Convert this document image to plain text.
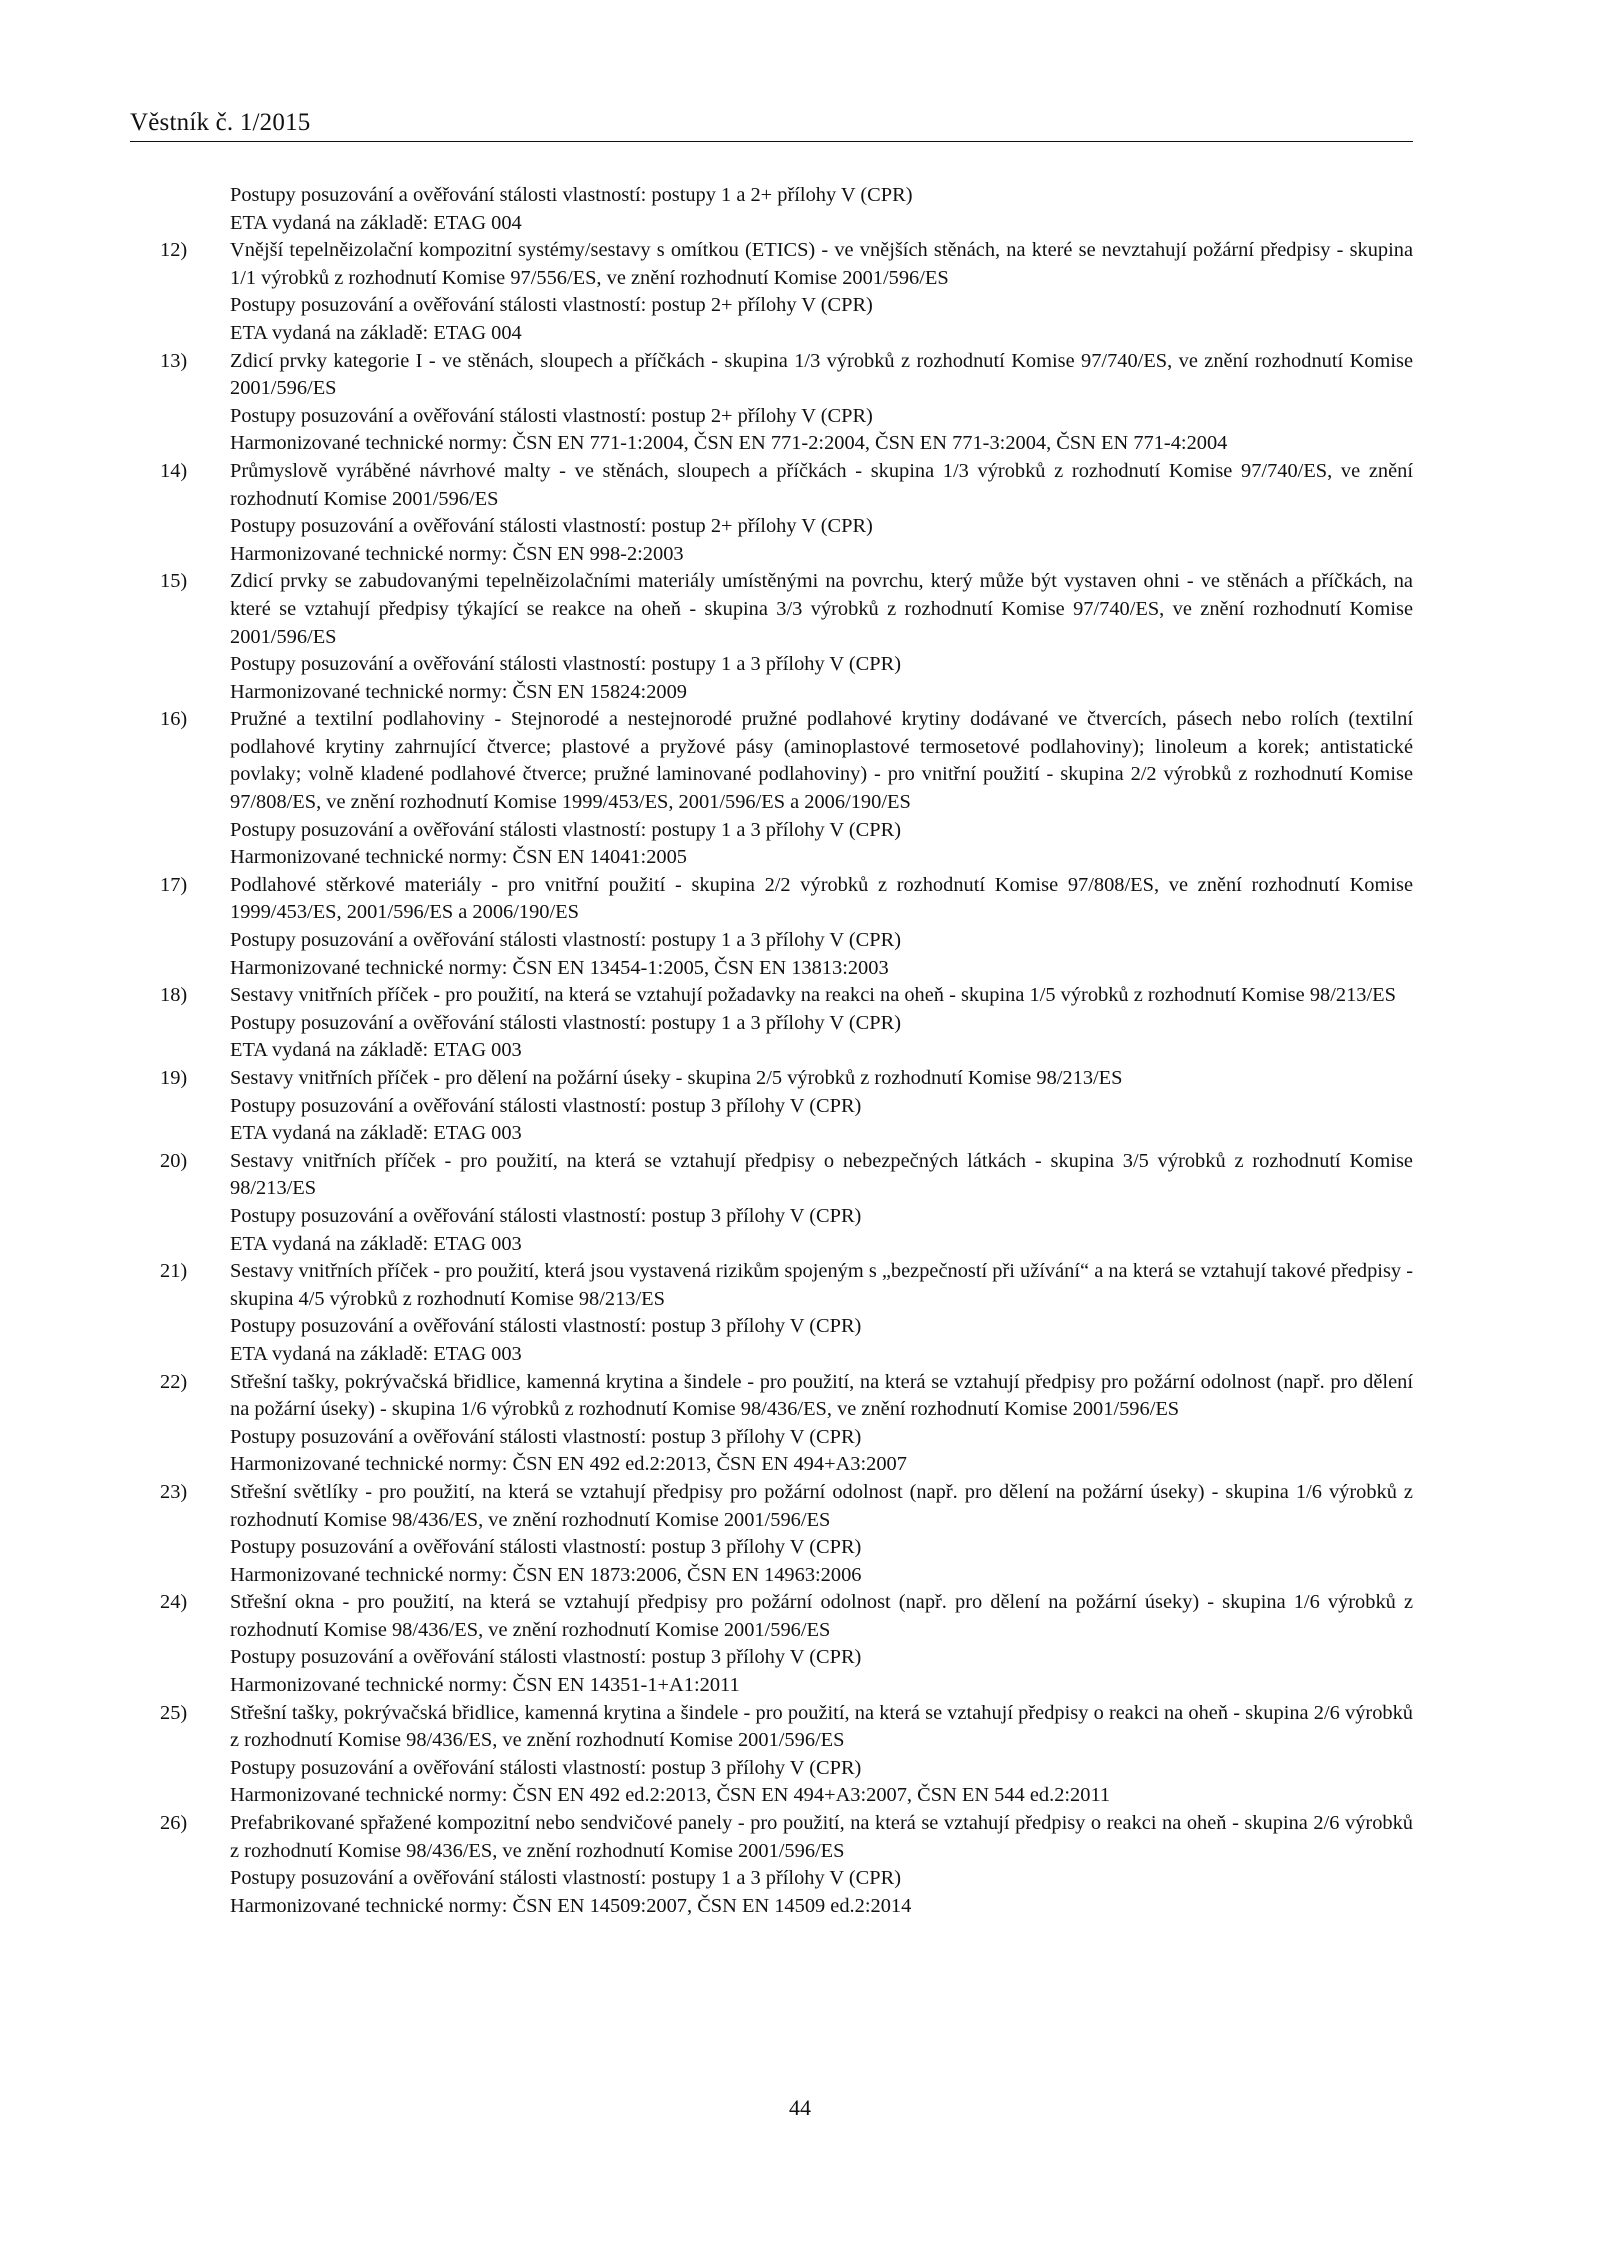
Věstník č. 1/2015
Postupy posuzování a ověřování stálosti vlastností: postupy 1 a 2+ přílohy V (CPR)
ETA vydaná na základě: ETAG 004
12)	Vnější tepelněizolační kompozitní systémy/sestavy s omítkou (ETICS) - ve vnějších stěnách, na které se nevztahují požární předpisy - skupina 1/1 výrobků z rozhodnutí Komise 97/556/ES, ve znění rozhodnutí Komise 2001/596/ES
Postupy posuzování a ověřování stálosti vlastností: postup 2+ přílohy V (CPR)
ETA vydaná na základě: ETAG 004
13)	Zdicí prvky kategorie I - ve stěnách, sloupech a příčkách - skupina 1/3 výrobků z rozhodnutí Komise 97/740/ES, ve znění rozhodnutí Komise 2001/596/ES
Postupy posuzování a ověřování stálosti vlastností: postup 2+ přílohy V (CPR)
Harmonizované technické normy: ČSN EN 771-1:2004, ČSN EN 771-2:2004, ČSN EN 771-3:2004, ČSN EN 771-4:2004
14)	Průmyslově vyráběné návrhové malty - ve stěnách, sloupech a příčkách - skupina 1/3 výrobků z rozhodnutí Komise 97/740/ES, ve znění rozhodnutí Komise 2001/596/ES
Postupy posuzování a ověřování stálosti vlastností: postup 2+ přílohy V (CPR)
Harmonizované technické normy: ČSN EN 998-2:2003
15)	Zdicí prvky se zabudovanými tepelněizolačními materiály umístěnými na povrchu, který může být vystaven ohni - ve stěnách a příčkách, na které se vztahují předpisy týkající se reakce na oheň - skupina 3/3 výrobků z rozhodnutí Komise 97/740/ES, ve znění rozhodnutí Komise 2001/596/ES
Postupy posuzování a ověřování stálosti vlastností: postupy 1 a 3 přílohy V (CPR)
Harmonizované technické normy: ČSN EN 15824:2009
16)	Pružné a textilní podlahoviny - Stejnorodé a nestejnorodé pružné podlahové krytiny dodávané ve čtvercích, pásech nebo rolích (textilní podlahové krytiny zahrnující čtverce; plastové a pryžové pásy (aminoplastové termosetové podlahoviny); linoleum a korek; antistatické povlaky; volně kladené podlahové čtverce; pružné laminované podlahoviny) - pro vnitřní použití - skupina 2/2 výrobků z rozhodnutí Komise 97/808/ES, ve znění rozhodnutí Komise 1999/453/ES, 2001/596/ES a 2006/190/ES
Postupy posuzování a ověřování stálosti vlastností: postupy 1 a 3 přílohy V (CPR)
Harmonizované technické normy: ČSN EN 14041:2005
17)	Podlahové stěrkové materiály - pro vnitřní použití - skupina 2/2 výrobků z rozhodnutí Komise 97/808/ES, ve znění rozhodnutí Komise 1999/453/ES, 2001/596/ES a 2006/190/ES
Postupy posuzování a ověřování stálosti vlastností: postupy 1 a 3 přílohy V (CPR)
Harmonizované technické normy: ČSN EN 13454-1:2005, ČSN EN 13813:2003
18)	Sestavy vnitřních příček - pro použití, na která se vztahují požadavky na reakci na oheň - skupina 1/5 výrobků z rozhodnutí Komise 98/213/ES
Postupy posuzování a ověřování stálosti vlastností: postupy 1 a 3 přílohy V (CPR)
ETA vydaná na základě: ETAG 003
19)	Sestavy vnitřních příček - pro dělení na požární úseky - skupina 2/5 výrobků z rozhodnutí Komise 98/213/ES
Postupy posuzování a ověřování stálosti vlastností: postup 3 přílohy V (CPR)
ETA vydaná na základě: ETAG 003
20)	Sestavy vnitřních příček - pro použití, na která se vztahují předpisy o nebezpečných látkách - skupina 3/5 výrobků z rozhodnutí Komise 98/213/ES
Postupy posuzování a ověřování stálosti vlastností: postup 3 přílohy V (CPR)
ETA vydaná na základě: ETAG 003
21)	Sestavy vnitřních příček - pro použití, která jsou vystavená rizikům spojeným s „bezpečností při užívání“ a na která se vztahují takové předpisy - skupina 4/5 výrobků z rozhodnutí Komise 98/213/ES
Postupy posuzování a ověřování stálosti vlastností: postup 3 přílohy V (CPR)
ETA vydaná na základě: ETAG 003
22)	Střešní tašky, pokrývačská břidlice, kamenná krytina a šindele - pro použití, na která se vztahují předpisy pro požární odolnost (např. pro dělení na požární úseky) - skupina 1/6 výrobků z rozhodnutí Komise 98/436/ES, ve znění rozhodnutí Komise 2001/596/ES
Postupy posuzování a ověřování stálosti vlastností: postup 3 přílohy V (CPR)
Harmonizované technické normy: ČSN EN 492 ed.2:2013, ČSN EN 494+A3:2007
23)	Střešní světlíky - pro použití, na která se vztahují předpisy pro požární odolnost (např. pro dělení na požární úseky) - skupina 1/6 výrobků z rozhodnutí Komise 98/436/ES, ve znění rozhodnutí Komise 2001/596/ES
Postupy posuzování a ověřování stálosti vlastností: postup 3 přílohy V (CPR)
Harmonizované technické normy: ČSN EN 1873:2006, ČSN EN 14963:2006
24)	Střešní okna - pro použití, na která se vztahují předpisy pro požární odolnost (např. pro dělení na požární úseky) - skupina 1/6 výrobků z rozhodnutí Komise 98/436/ES, ve znění rozhodnutí Komise 2001/596/ES
Postupy posuzování a ověřování stálosti vlastností: postup 3 přílohy V (CPR)
Harmonizované technické normy: ČSN EN 14351-1+A1:2011
25)	Střešní tašky, pokrývačská břidlice, kamenná krytina a šindele - pro použití, na která se vztahují předpisy o reakci na oheň - skupina 2/6 výrobků z rozhodnutí Komise 98/436/ES, ve znění rozhodnutí Komise 2001/596/ES
Postupy posuzování a ověřování stálosti vlastností: postup 3 přílohy V (CPR)
Harmonizované technické normy: ČSN EN 492 ed.2:2013, ČSN EN 494+A3:2007, ČSN EN 544 ed.2:2011
26)	Prefabrikované spřažené kompozitní nebo sendvičové panely - pro použití, na která se vztahují předpisy o reakci na oheň - skupina 2/6 výrobků z rozhodnutí Komise 98/436/ES, ve znění rozhodnutí Komise 2001/596/ES
Postupy posuzování a ověřování stálosti vlastností: postupy 1 a 3 přílohy V (CPR)
Harmonizované technické normy: ČSN EN 14509:2007, ČSN EN 14509 ed.2:2014
44
